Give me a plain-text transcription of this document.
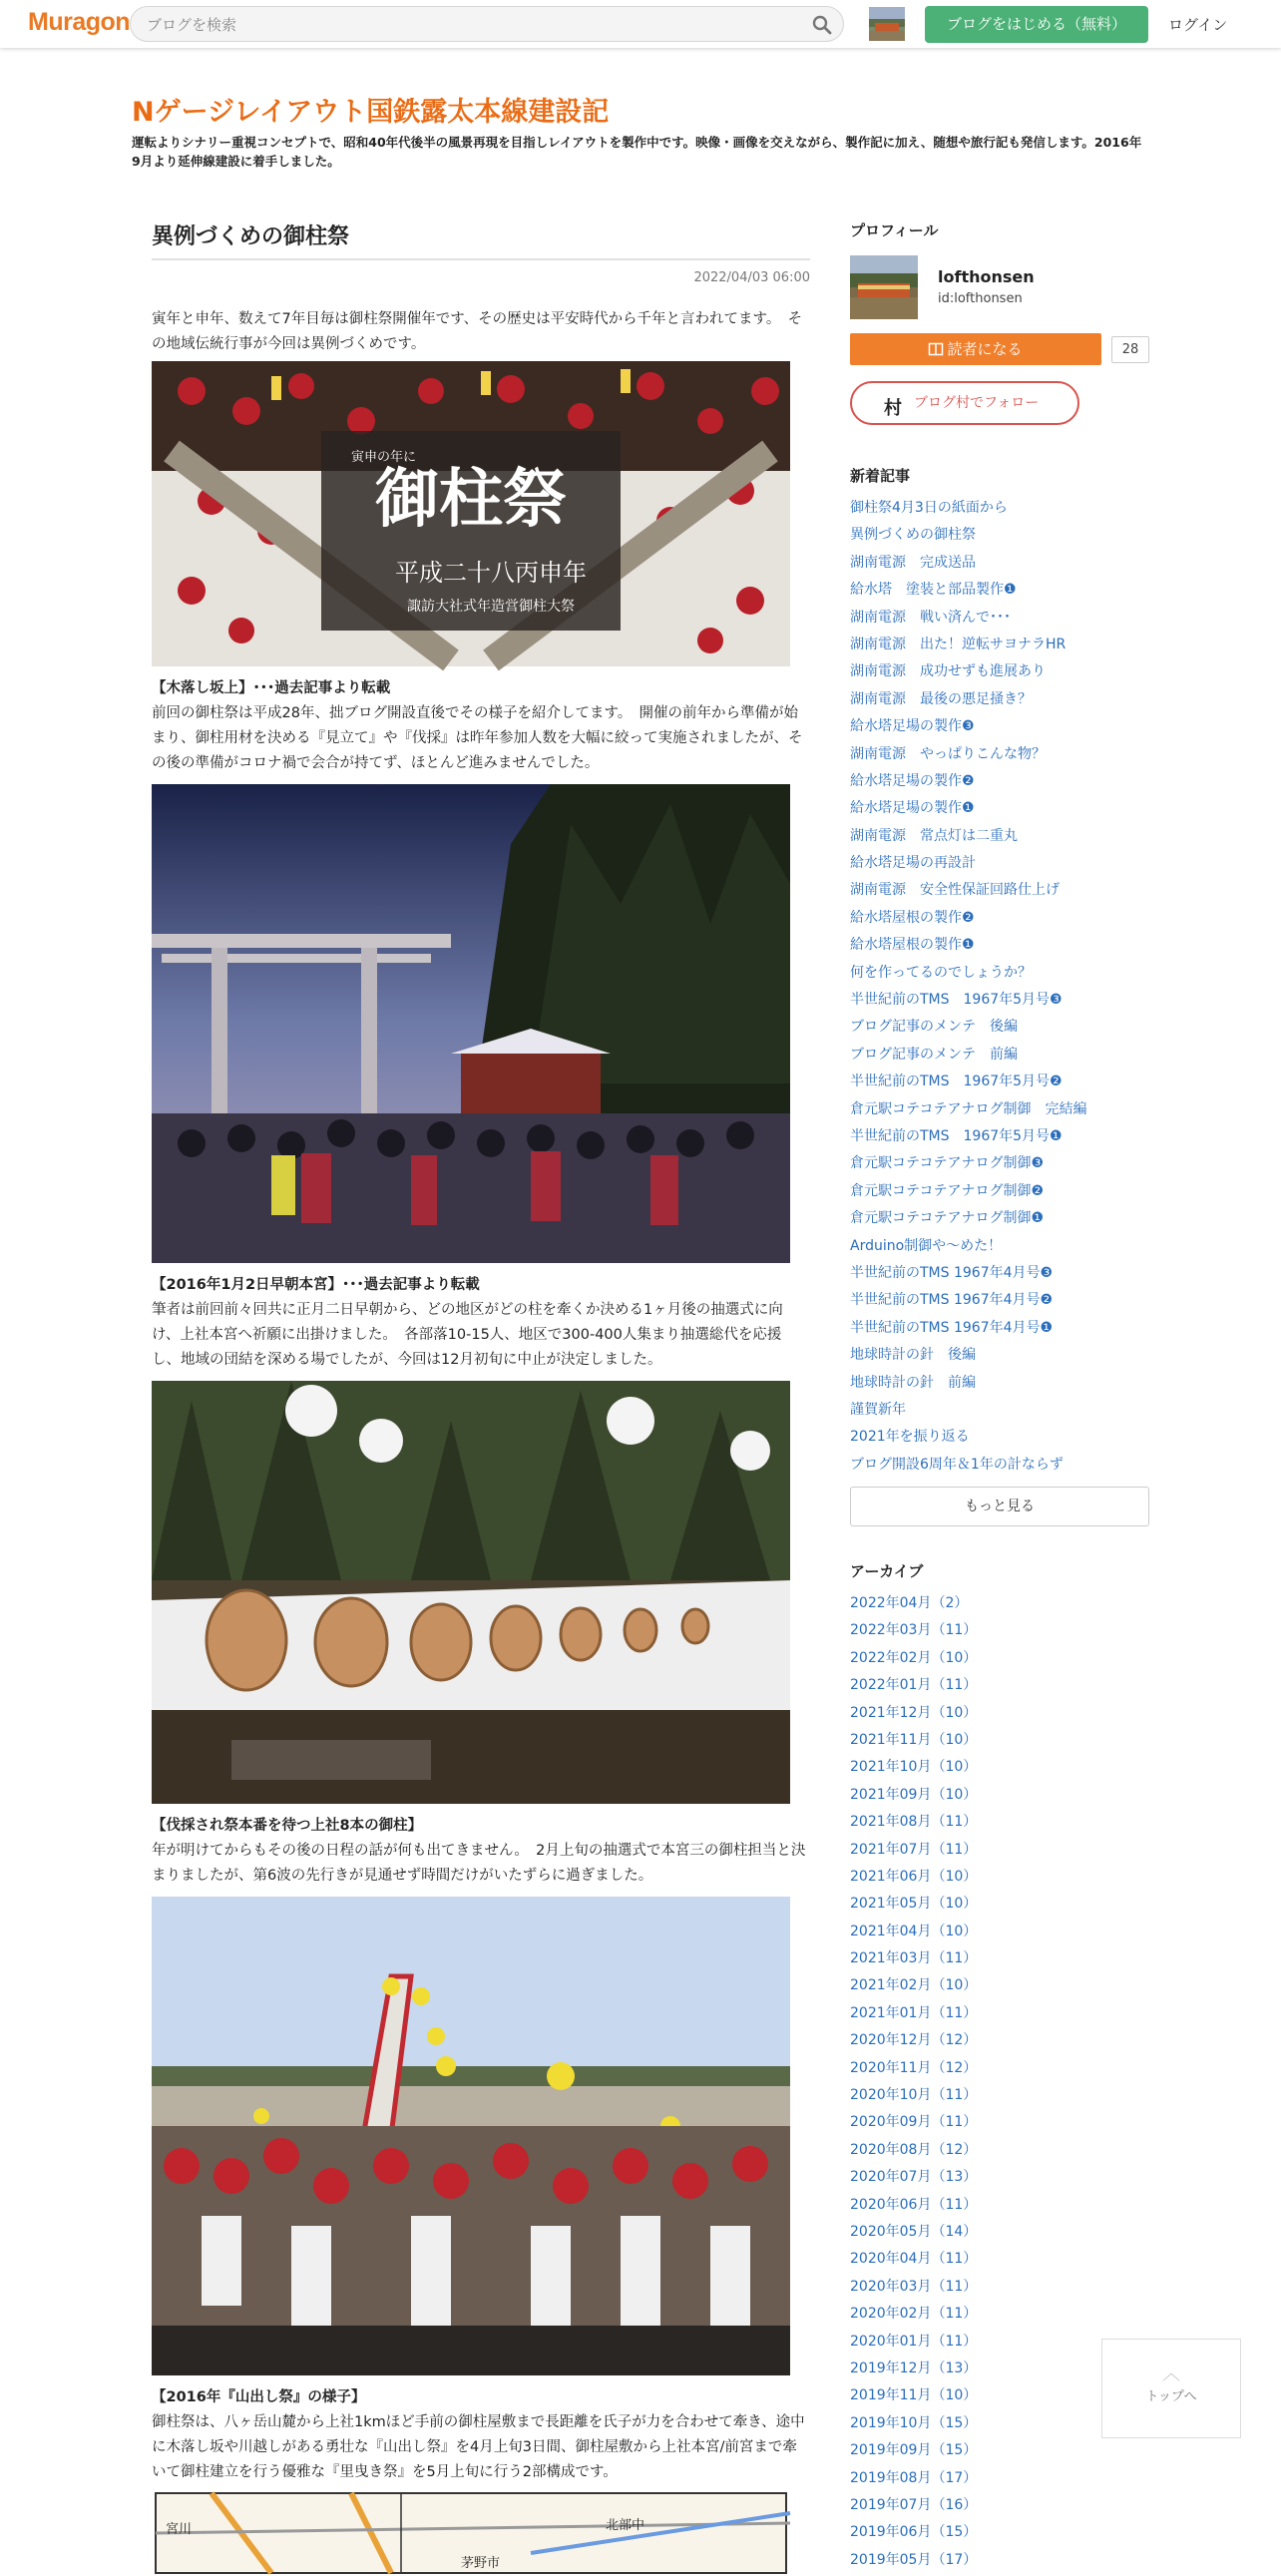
Muragon
ブログを検索	ブログをはじめる（無料）	ログイン
Nゲージレイアウト国鉄露太本線建設記
運転よりシナリー重視コンセプトで、昭和40年代後半の風景再現を目指しレイアウトを製作中です。映像・画像を交えながら、製作記に加え、随想や旅行記も発信します。2016年9月より延伸線建設に着手しました。
異例づくめの御柱祭
2022/04/03 06:00
寅年と申年、数えて7年目毎は御柱祭開催年です、その歴史は平安時代から千年と言われてます。　その地域伝統行事が今回は異例づくめです。
御柱祭
平成二十八丙申年
諏訪大社式年造営御柱大祭
寅申の年に
【木落し坂上】･･･過去記事より転載
前回の御柱祭は平成28年、拙ブログ開設直後でその様子を紹介してます。　開催の前年から準備が始まり、御柱用材を決める『見立て』や『伐採』は昨年参加人数を大幅に絞って実施されましたが、その後の準備がコロナ禍で会合が持てず、ほとんど進みませんでした。
【2016年1月2日早朝本宮】･･･過去記事より転載
筆者は前回前々回共に正月二日早朝から、どの地区がどの柱を牽くか決める1ヶ月後の抽選式に向け、上社本宮へ祈願に出掛けました。　各部落10-15人、地区で300-400人集まり抽選総代を応援し、地域の団結を深める場でしたが、今回は12月初旬に中止が決定しました。
【伐採され祭本番を待つ上社8本の御柱】
年が明けてからもその後の日程の話が何も出てきません。　2月上旬の抽選式で本宮三の御柱担当と決まりましたが、第6波の先行きが見通せず時間だけがいたずらに過ぎました。
【2016年『山出し祭』の様子】
御柱祭は、八ヶ岳山麓から上社1kmほど手前の御柱屋敷まで長距離を氏子が力を合わせて牽き、途中に木落し坂や川越しがある勇壮な『山出し祭』を4月上旬3日間、御柱屋敷から上社本宮/前宮まで牽いて御柱建立を行う優雅な『里曳き祭』を5月上旬に行う2部構成です。
宮川	北部中
茅野市
プロフィール
lofthonsen
id:lofthonsen
読者になる	28
村 ブログ村でフォロー
新着記事
御柱祭4月3日の紙面から
異例づくめの御柱祭
湖南電源　完成送品
給水塔　塗装と部品製作❶
湖南電源　戦い済んで･･･
湖南電源　出た！逆転サヨナラHR
湖南電源　成功せずも進展あり
湖南電源　最後の悪足掻き？
給水塔足場の製作❸
湖南電源　やっぱりこんな物？
給水塔足場の製作❷
給水塔足場の製作❶
湖南電源　常点灯は二重丸
給水塔足場の再設計
湖南電源　安全性保証回路仕上げ
給水塔屋根の製作❷
給水塔屋根の製作❶
何を作ってるのでしょうか？
半世紀前のTMS　1967年5月号❸
ブログ記事のメンテ　後編
ブログ記事のメンテ　前編
半世紀前のTMS　1967年5月号❷
倉元駅コテコテアナログ制御　完結編
半世紀前のTMS　1967年5月号❶
倉元駅コテコテアナログ制御❸
倉元駅コテコテアナログ制御❷
倉元駅コテコテアナログ制御❶
Arduino制御や～めた！
半世紀前のTMS 1967年4月号❸
半世紀前のTMS 1967年4月号❷
半世紀前のTMS 1967年4月号❶
地球時計の針　後編
地球時計の針　前編
謹賀新年
2021年を振り返る
ブログ開設6周年＆1年の計ならず
もっと見る
アーカイブ
2022年04月（2）
2022年03月（11）
2022年02月（10）
2022年01月（11）
2021年12月（10）
2021年11月（10）
2021年10月（10）
2021年09月（10）
2021年08月（11）
2021年07月（11）
2021年06月（10）
2021年05月（10）
2021年04月（10）
2021年03月（11）
2021年02月（10）
2021年01月（11）
2020年12月（12）
2020年11月（12）
2020年10月（11）
2020年09月（11）
2020年08月（12）
2020年07月（13）
2020年06月（11）
2020年05月（14）
2020年04月（11）
2020年03月（11）
2020年02月（11）
2020年01月（11）
2019年12月（13）
2019年11月（10）
2019年10月（15）
2019年09月（15）
2019年08月（17）
2019年07月（16）
2019年06月（15）
2019年05月（17）
︿
トップへ
